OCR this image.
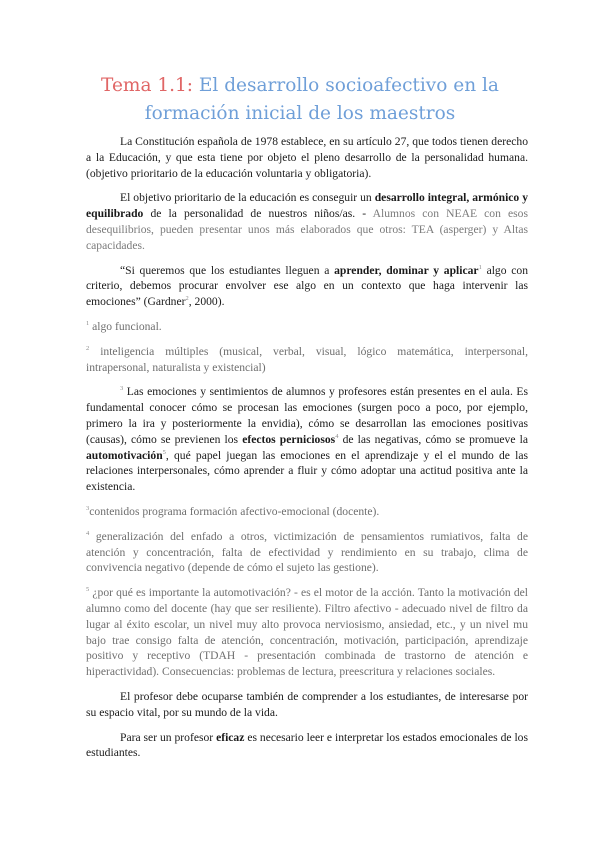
Tema 1.1: El desarrollo socioafectivo en la formación inicial de los maestros

La Constitución española de 1978 establece, en su artículo 27, que todos tienen derecho a la Educación, y que esta tiene por objeto el pleno desarrollo de la personalidad humana. (objetivo prioritario de la educación voluntaria y obligatoria).

El objetivo prioritario de la educación es conseguir un desarrollo integral, armónico y equilibrado de la personalidad de nuestros niños/as. - Alumnos con NEAE con esos desequilibrios, pueden presentar unos más elaborados que otros: TEA (asperger) y Altas capacidades.

“Si queremos que los estudiantes lleguen a aprender, dominar y aplicar$^1$ algo con criterio, debemos procurar envolver ese algo en un contexto que haga intervenir las emociones” (Gardner$^2$, 2000).

$^1$ algo funcional.

$^2$ inteligencia múltiples (musical, verbal, visual, lógico matemática, interpersonal, intrapersonal, naturalista y existencial)

$^3$ Las emociones y sentimientos de alumnos y profesores están presentes en el aula. Es fundamental conocer cómo se procesan las emociones (surgen poco a poco, por ejemplo, primero la ira y posteriormente la envidia), cómo se desarrollan las emociones positivas (causas), cómo se previenen los efectos perniciosos$^4$ de las negativas, cómo se promueve la automotivación$^5$, qué papel juegan las emociones en el aprendizaje y el el mundo de las relaciones interpersonales, cómo aprender a fluir y cómo adoptar una actitud positiva ante la existencia.

$^3$contenidos programa formación afectivo-emocional (docente).

$^4$ generalización del enfado a otros, victimización de pensamientos rumiativos, falta de atención y concentración, falta de efectividad y rendimiento en su trabajo, clima de convivencia negativo (depende de cómo el sujeto las gestione).

$^5$ ¿por qué es importante la automotivación? - es el motor de la acción. Tanto la motivación del alumno como del docente (hay que ser resiliente). Filtro afectivo - adecuado nivel de filtro da lugar al éxito escolar, un nivel muy alto provoca nerviosismo, ansiedad, etc., y un nivel mu bajo trae consigo falta de atención, concentración, motivación, participación, aprendizaje positivo y receptivo (TDAH - presentación combinada de trastorno de atención e hiperactividad). Consecuencias: problemas de lectura, preescritura y relaciones sociales.

El profesor debe ocuparse también de comprender a los estudiantes, de interesarse por su espacio vital, por su mundo de la vida.

Para ser un profesor eficaz es necesario leer e interpretar los estados emocionales de los estudiantes.
